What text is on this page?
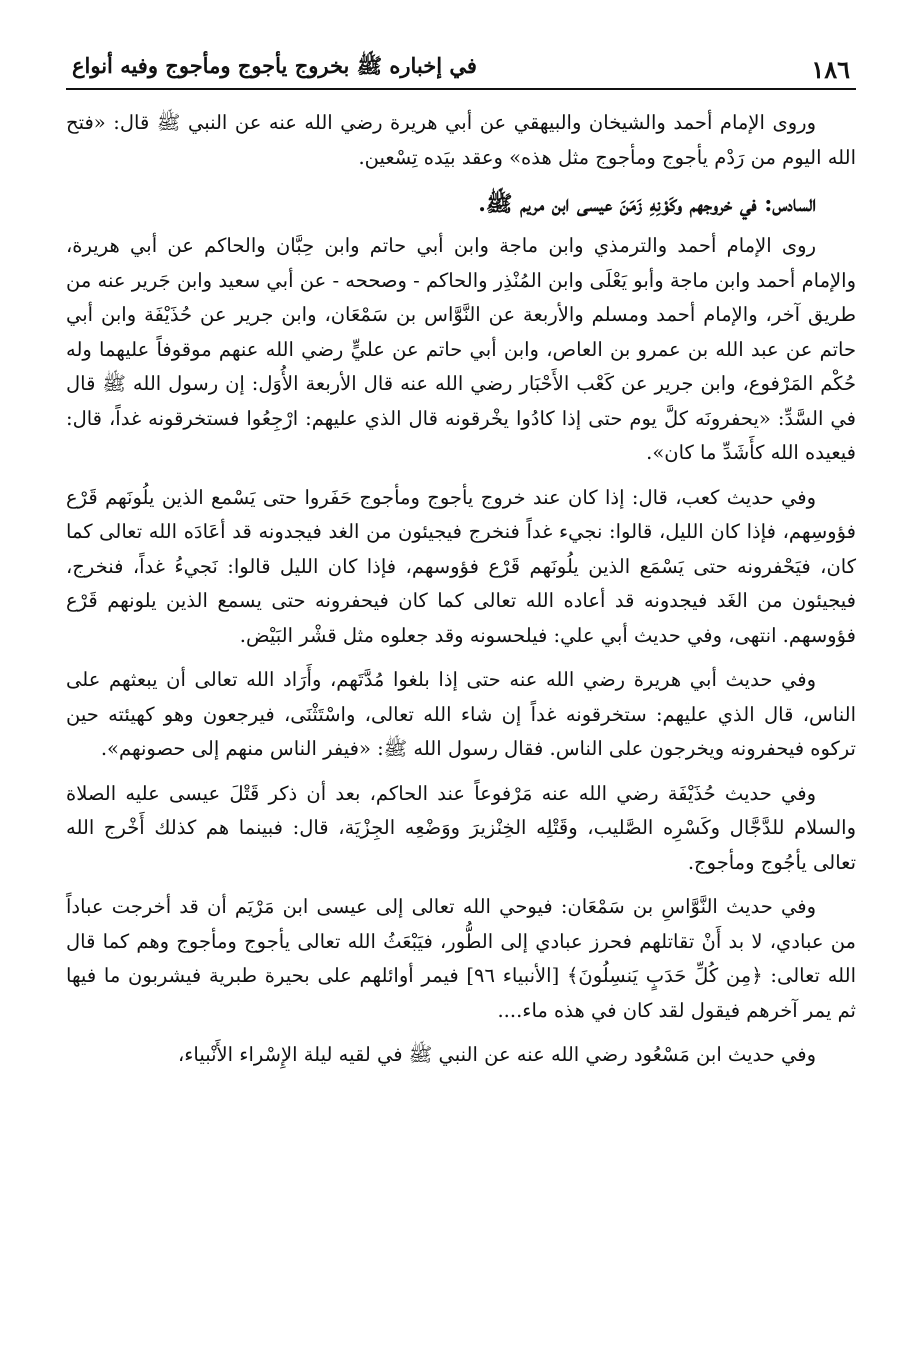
١٨٦
في إخباره ﷺ بخروج يأجوج ومأجوج وفيه أنواع

وروى الإمام أحمد والشيخان والبيهقي عن أبي هريرة رضي الله عنه عن النبي ﷺ قال: «فتح الله اليوم من رَدْم يأجوج ومأجوج مثل هذه» وعقد بيَده تِسْعين.

السادس: في خروجهم وكَوْنِهِ زَمَنَ عيسى ابن مريم ﷺ.

روى الإمام أحمد والترمذي وابن ماجة وابن أبي حاتم وابن حِبَّان والحاكم عن أبي هريرة، والإمام أحمد وابن ماجة وأبو يَعْلَى وابن المُنْذِر والحاكم - وصححه - عن أبي سعيد وابن جَرير عنه من طريق آخر، والإمام أحمد ومسلم والأربعة عن النَّوَّاس بن سَمْعَان، وابن جرير عن حُذَيْفَة وابن أبي حاتم عن عبد الله بن عمرو بن العاص، وابن أبي حاتم عن عليٍّ رضي الله عنهم موقوفاً عليهما وله حُكْم المَرْفوع، وابن جرير عن كَعْب الأَحْبَار رضي الله عنه قال الأربعة الأُوَل: إن رسول الله ﷺ قال في السَّدِّ: «يحفرونَه كلَّ يوم حتى إذا كادُوا يخْرقونه قال الذي عليهم: ارْجِعُوا فستخرقونه غداً، قال: فيعيده الله كأَشَدِّ ما كان».

وفي حديث كعب، قال: إذا كان عند خروج يأجوج ومأجوج حَفَروا حتى يَسْمع الذين يلُونَهم قَرْع فؤوسِهم، فإذا كان الليل، قالوا: نجيء غداً فنخرج فيجيئون من الغد فيجدونه قد أعَادَه الله تعالى كما كان، فيَحْفرونه حتى يَسْمَع الذين يلُونَهم قَرْع فؤوسهم، فإذا كان الليل قالوا: نَجيءُ غداً، فنخرج، فيجيئون من الغَد فيجدونه قد أعاده الله تعالى كما كان فيحفرونه حتى يسمع الذين يلونهم قَرْع فؤوسهم. انتهى، وفي حديث أبي علي: فيلحسونه وقد جعلوه مثل قشْر البَيْض.

وفي حديث أبي هريرة رضي الله عنه حتى إذا بلغوا مُدَّتَهم، وأَرَاد الله تعالى أن يبعثهم على الناس، قال الذي عليهم: ستخرقونه غداً إن شاء الله تعالى، واسْتَثْنَى، فيرجعون وهو كهيئته حين تركوه فيحفرونه ويخرجون على الناس. فقال رسول الله ﷺ: «فيفر الناس منهم إلى حصونهم».

وفي حديث حُذَيْفَة رضي الله عنه مَرْفوعاً عند الحاكم، بعد أن ذكر قَتْلَ عيسى عليه الصلاة والسلام للدَّجَّال وكَسْرِه الصَّليب، وقَتْلِه الخِنْزيرَ ووَضْعِه الجِزْيَة، قال: فبينما هم كذلك أَخْرج الله تعالى يأجُوج ومأجوج.

وفي حديث النَّوَّاسِ بن سَمْعَان: فيوحي الله تعالى إلى عيسى ابن مَرْيَم أن قد أخرجت عباداً من عبادي، لا بد أَنْ تقاتلهم فحرز عبادي إلى الطُّور، فيَبْعَثُ الله تعالى يأجوج ومأجوج وهم كما قال الله تعالى: ﴿مِن كُلِّ حَدَبٍ يَنسِلُونَ﴾ [الأنبياء ٩٦] فيمر أوائلهم على بحيرة طبرية فيشربون ما فيها ثم يمر آخرهم فيقول لقد كان في هذه ماء....

وفي حديث ابن مَسْعُود رضي الله عنه عن النبي ﷺ في لقيه ليلة الإِسْراء الأَنْبياء،
